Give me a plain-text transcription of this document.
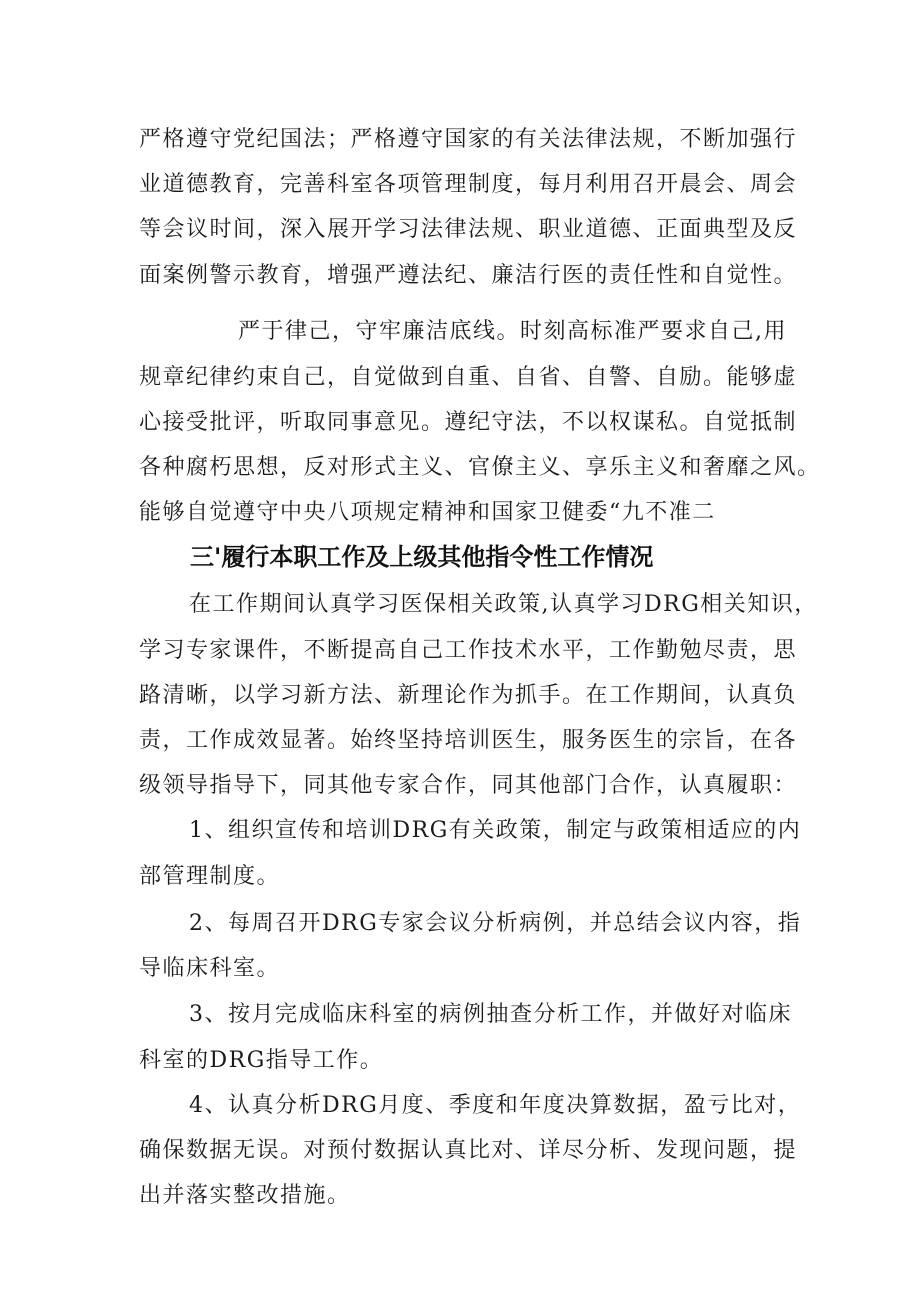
严格遵守党纪国法；严格遵守国家的有关法律法规，不断加强行
业道德教育，完善科室各项管理制度，每月利用召开晨会、周会
等会议时间，深入展开学习法律法规、职业道德、正面典型及反
面案例警示教育，增强严遵法纪、廉洁行医的责任性和自觉性。
严于律己，守牢廉洁底线。时刻高标准严要求自己,用
规章纪律约束自己，自觉做到自重、自省、自警、自励。能够虚
心接受批评，听取同事意见。遵纪守法，不以权谋私。自觉抵制
各种腐朽思想，反对形式主义、官僚主义、享乐主义和奢靡之风。
能够自觉遵守中央八项规定精神和国家卫健委“九不准二
三'履行本职工作及上级其他指令性工作情况
在工作期间认真学习医保相关政策,认真学习DRG相关知识，
学习专家课件，不断提高自己工作技术水平，工作勤勉尽责，思
路清晰，以学习新方法、新理论作为抓手。在工作期间，认真负
责，工作成效显著。始终坚持培训医生，服务医生的宗旨，在各
级领导指导下，同其他专家合作，同其他部门合作，认真履职：
1、组织宣传和培训DRG有关政策，制定与政策相适应的内
部管理制度。
2、每周召开DRG专家会议分析病例，并总结会议内容，指
导临床科室。
3、按月完成临床科室的病例抽查分析工作，并做好对临床
科室的DRG指导工作。
4、认真分析DRG月度、季度和年度决算数据，盈亏比对，
确保数据无误。对预付数据认真比对、详尽分析、发现问题，提
出并落实整改措施。
